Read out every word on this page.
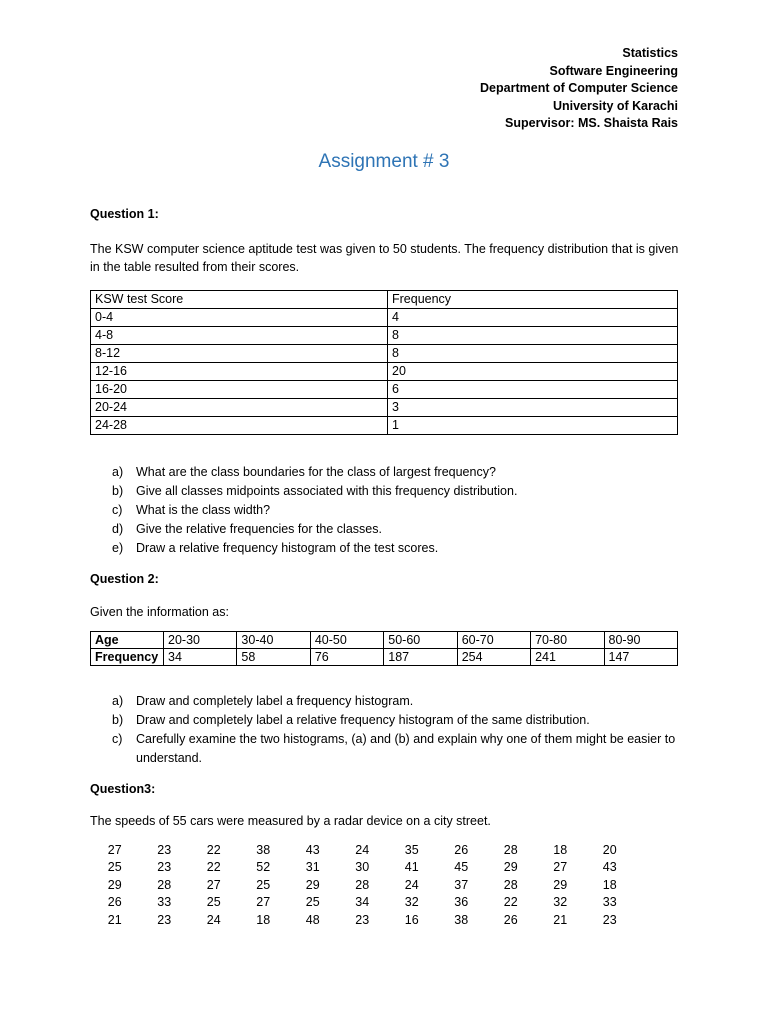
Statistics
Software Engineering
Department of Computer Science
University of Karachi
Supervisor: MS. Shaista Rais
Assignment # 3

Question 1:

The KSW computer science aptitude test was given to 50 students. The frequency distribution that is given in the table resulted from their scores.

KSW test Score	Frequency
0-4	4
4-8	8
8-12	8
12-16	20
16-20	6
20-24	3
24-28	1
a)	What are the class boundaries for the class of largest frequency?
b)	Give all classes midpoints associated with this frequency distribution.
c)	What is the class width?
d)	Give the relative frequencies for the classes.
e)	Draw a relative frequency histogram of the test scores.

Question 2:

Given the information as:

Age	20-30	30-40	40-50	50-60	60-70	70-80	80-90
Frequency	34	58	76	187	254	241	147
a)	Draw and completely label a frequency histogram.
b)	Draw and completely label a relative frequency histogram of the same distribution.
c)	Carefully examine the two histograms, (a) and (b) and explain why one of them might be easier to understand.

Question3:

The speeds of 55 cars were measured by a radar device on a city street.

27	23	22	38	43	24	35	26	28	18	20
25	23	22	52	31	30	41	45	29	27	43
29	28	27	25	29	28	24	37	28	29	18
26	33	25	27	25	34	32	36	22	32	33
21	23	24	18	48	23	16	38	26	21	23
